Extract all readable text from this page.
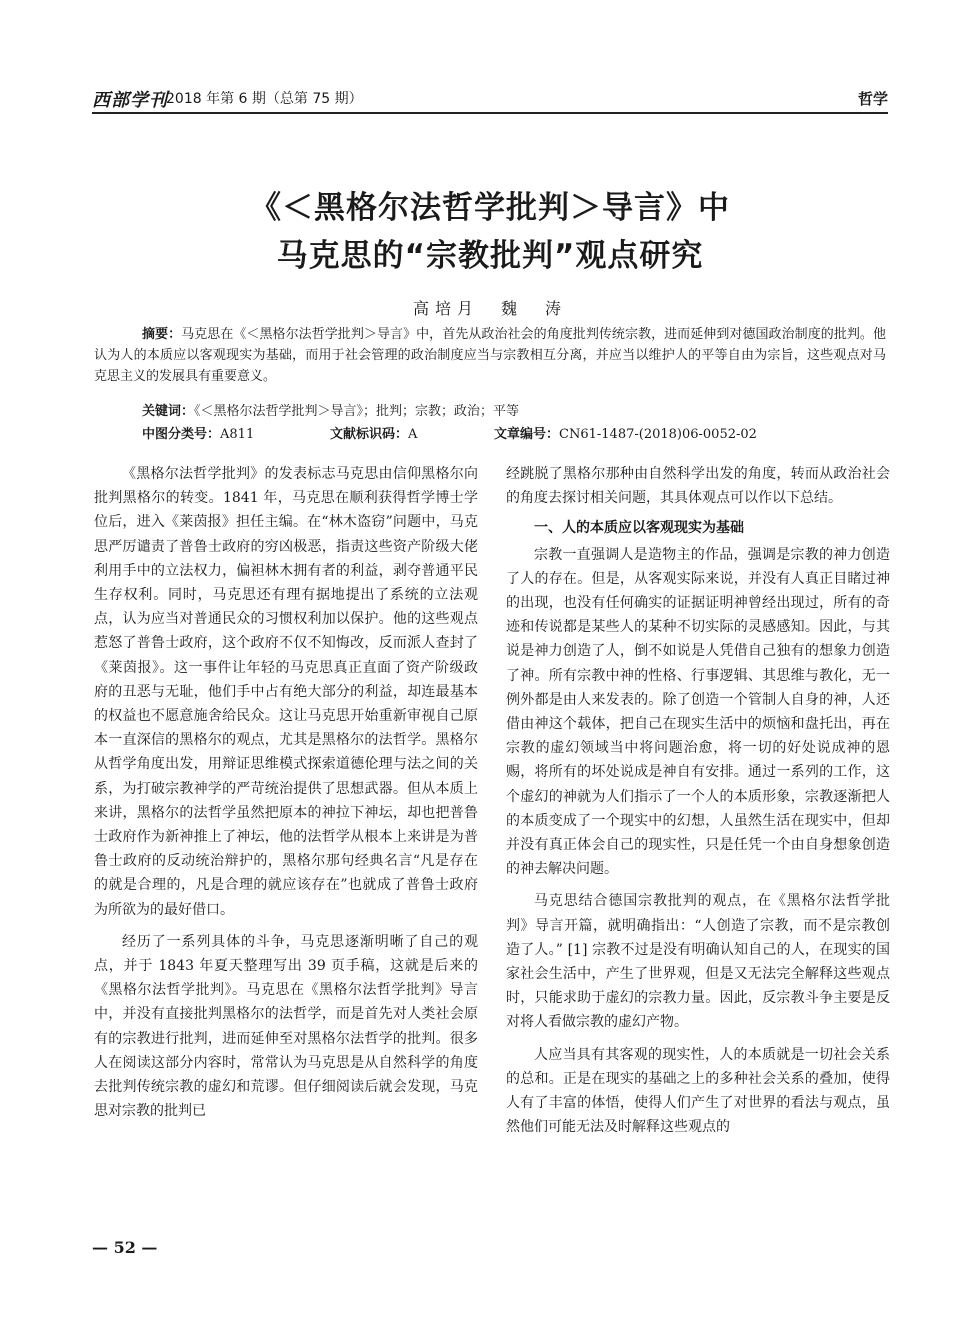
西部学刊
2018 年第 6 期（总第 75 期）	哲学
《＜黑格尔法哲学批判＞导言》中
马克思的“宗教批判”观点研究
高培月　魏　涛

摘要：马克思在《＜黑格尔法哲学批判＞导言》中，首先从政治社会的角度批判传统宗教，进而延伸到对德国政治制度的批判。他认为人的本质应以客观现实为基础，而用于社会管理的政治制度应当与宗教相互分离，并应当以维护人的平等自由为宗旨，这些观点对马克思主义的发展具有重要意义。

关键词：《＜黑格尔法哲学批判＞导言》；批判；宗教；政治；平等
中图分类号：A811	文献标识码：A	文章编号：CN61-1487-(2018)06-0052-02

《黑格尔法哲学批判》的发表标志马克思由信仰黑格尔向批判黑格尔的转变。1841 年，马克思在顺利获得哲学博士学位后，进入《莱茵报》担任主编。在“林木盗窃”问题中，马克思严厉谴责了普鲁士政府的穷凶极恶，指责这些资产阶级大佬利用手中的立法权力，偏袒林木拥有者的利益，剥夺普通平民生存权利。同时，马克思还有理有据地提出了系统的立法观点，认为应当对普通民众的习惯权利加以保护。他的这些观点惹怒了普鲁士政府，这个政府不仅不知悔改，反而派人查封了《莱茵报》。这一事件让年轻的马克思真正直面了资产阶级政府的丑恶与无耻，他们手中占有绝大部分的利益，却连最基本的权益也不愿意施舍给民众。这让马克思开始重新审视自己原本一直深信的黑格尔的观点，尤其是黑格尔的法哲学。黑格尔从哲学角度出发，用辩证思维模式探索道德伦理与法之间的关系，为打破宗教神学的严苛统治提供了思想武器。但从本质上来讲，黑格尔的法哲学虽然把原本的神拉下神坛，却也把普鲁士政府作为新神推上了神坛，他的法哲学从根本上来讲是为普鲁士政府的反动统治辩护的，黑格尔那句经典名言“凡是存在的就是合理的，凡是合理的就应该存在”也就成了普鲁士政府为所欲为的最好借口。

经历了一系列具体的斗争，马克思逐渐明晰了自己的观点，并于 1843 年夏天整理写出 39 页手稿，这就是后来的《黑格尔法哲学批判》。马克思在《黑格尔法哲学批判》导言中，并没有直接批判黑格尔的法哲学，而是首先对人类社会原有的宗教进行批判，进而延伸至对黑格尔法哲学的批判。很多人在阅读这部分内容时，常常认为马克思是从自然科学的角度去批判传统宗教的虚幻和荒谬。但仔细阅读后就会发现，马克思对宗教的批判已

经跳脱了黑格尔那种由自然科学出发的角度，转而从政治社会的角度去探讨相关问题，其具体观点可以作以下总结。

一、人的本质应以客观现实为基础

宗教一直强调人是造物主的作品，强调是宗教的神力创造了人的存在。但是，从客观实际来说，并没有人真正目睹过神的出现，也没有任何确实的证据证明神曾经出现过，所有的奇迹和传说都是某些人的某种不切实际的灵感感知。因此，与其说是神力创造了人，倒不如说是人凭借自己独有的想象力创造了神。所有宗教中神的性格、行事逻辑、其思维与教化，无一例外都是由人来发表的。除了创造一个管制人自身的神，人还借由神这个载体，把自己在现实生活中的烦恼和盘托出，再在宗教的虚幻领域当中将问题治愈，将一切的好处说成神的恩赐，将所有的坏处说成是神自有安排。通过一系列的工作，这个虚幻的神就为人们指示了一个人的本质形象，宗教逐渐把人的本质变成了一个现实中的幻想，人虽然生活在现实中，但却并没有真正体会自己的现实性，只是任凭一个由自身想象创造的神去解决问题。

马克思结合德国宗教批判的观点，在《黑格尔法哲学批判》导言开篇，就明确指出：“人创造了宗教，而不是宗教创造了人。” [1] 宗教不过是没有明确认知自己的人，在现实的国家社会生活中，产生了世界观，但是又无法完全解释这些观点时，只能求助于虚幻的宗教力量。因此，反宗教斗争主要是反对将人看做宗教的虚幻产物。

人应当具有其客观的现实性，人的本质就是一切社会关系的总和。正是在现实的基础之上的多种社会关系的叠加，使得人有了丰富的体悟，使得人们产生了对世界的看法与观点，虽然他们可能无法及时解释这些观点的

— 52 —
